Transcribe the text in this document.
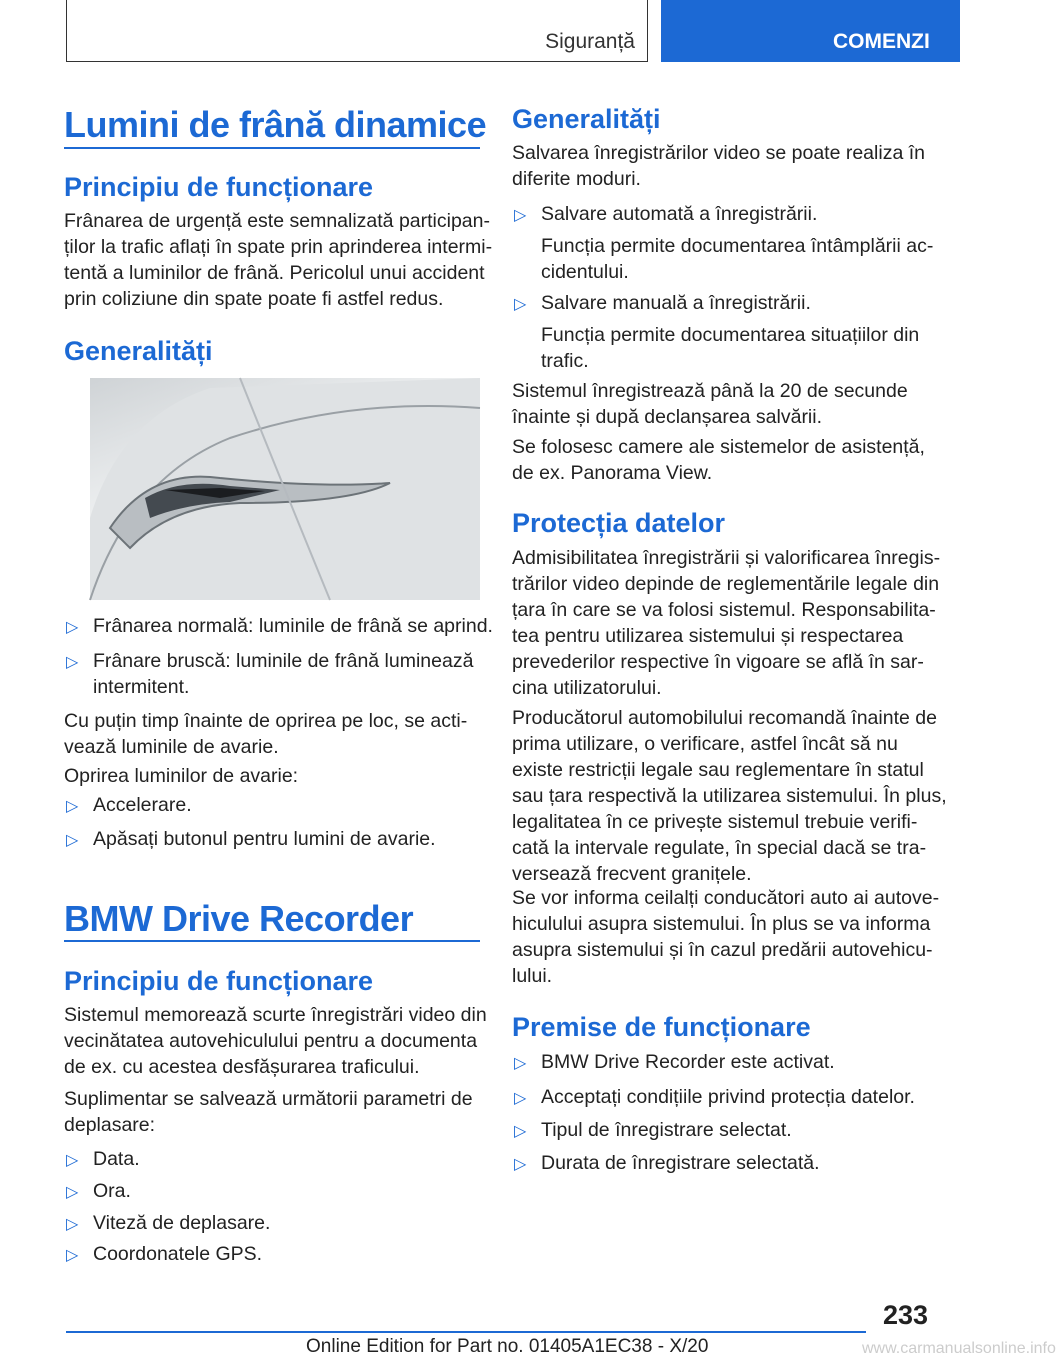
Siguranță	COMENZI
Lumini de frână dinamice
Principiu de funcționare
Frânarea de urgență este semnalizată participan-
ților la trafic aflați în spate prin aprinderea intermi-
tentă a luminilor de frână. Pericolul unui accident
prin coliziune din spate poate fi astfel redus.
Generalități
▷ Frânarea normală: luminile de frână se aprind.
▷ Frânare bruscă: luminile de frână luminează
intermitent.
Cu puțin timp înainte de oprirea pe loc, se acti-
vează luminile de avarie.
Oprirea luminilor de avarie:
▷ Accelerare.
▷ Apăsați butonul pentru lumini de avarie.
BMW Drive Recorder
Principiu de funcționare
Sistemul memorează scurte înregistrări video din
vecinătatea autovehiculului pentru a documenta
de ex. cu acestea desfășurarea traficului.
Suplimentar se salvează următorii parametri de
deplasare:
▷ Data.
▷ Ora.
▷ Viteză de deplasare.
▷ Coordonatele GPS.
Generalități
Salvarea înregistrărilor video se poate realiza în
diferite moduri.
▷ Salvare automată a înregistrării.
Funcția permite documentarea întâmplării ac-
cidentului.
▷ Salvare manuală a înregistrării.
Funcția permite documentarea situațiilor din
trafic.
Sistemul înregistrează până la 20 de secunde
înainte și după declanșarea salvării.
Se folosesc camere ale sistemelor de asistență,
de ex. Panorama View.
Protecția datelor
Admisibilitatea înregistrării și valorificarea înregis-
trărilor video depinde de reglementările legale din
țara în care se va folosi sistemul. Responsabilita-
tea pentru utilizarea sistemului și respectarea
prevederilor respective în vigoare se află în sar-
cina utilizatorului.
Producătorul automobilului recomandă înainte de
prima utilizare, o verificare, astfel încât să nu
existe restricții legale sau reglementare în statul
sau țara respectivă la utilizarea sistemului. În plus,
legalitatea în ce privește sistemul trebuie verifi-
cată la intervale regulate, în special dacă se tra-
versează frecvent granițele.
Se vor informa ceilalți conducători auto ai autove-
hiculului asupra sistemului. În plus se va informa
asupra sistemului și în cazul predării autovehicu-
lului.
Premise de funcționare
▷ BMW Drive Recorder este activat.
▷ Acceptați condițiile privind protecția datelor.
▷ Tipul de înregistrare selectat.
▷ Durata de înregistrare selectată.
233
Online Edition for Part no. 01405A1EC38 - X/20	www.carmanualsonline.info
